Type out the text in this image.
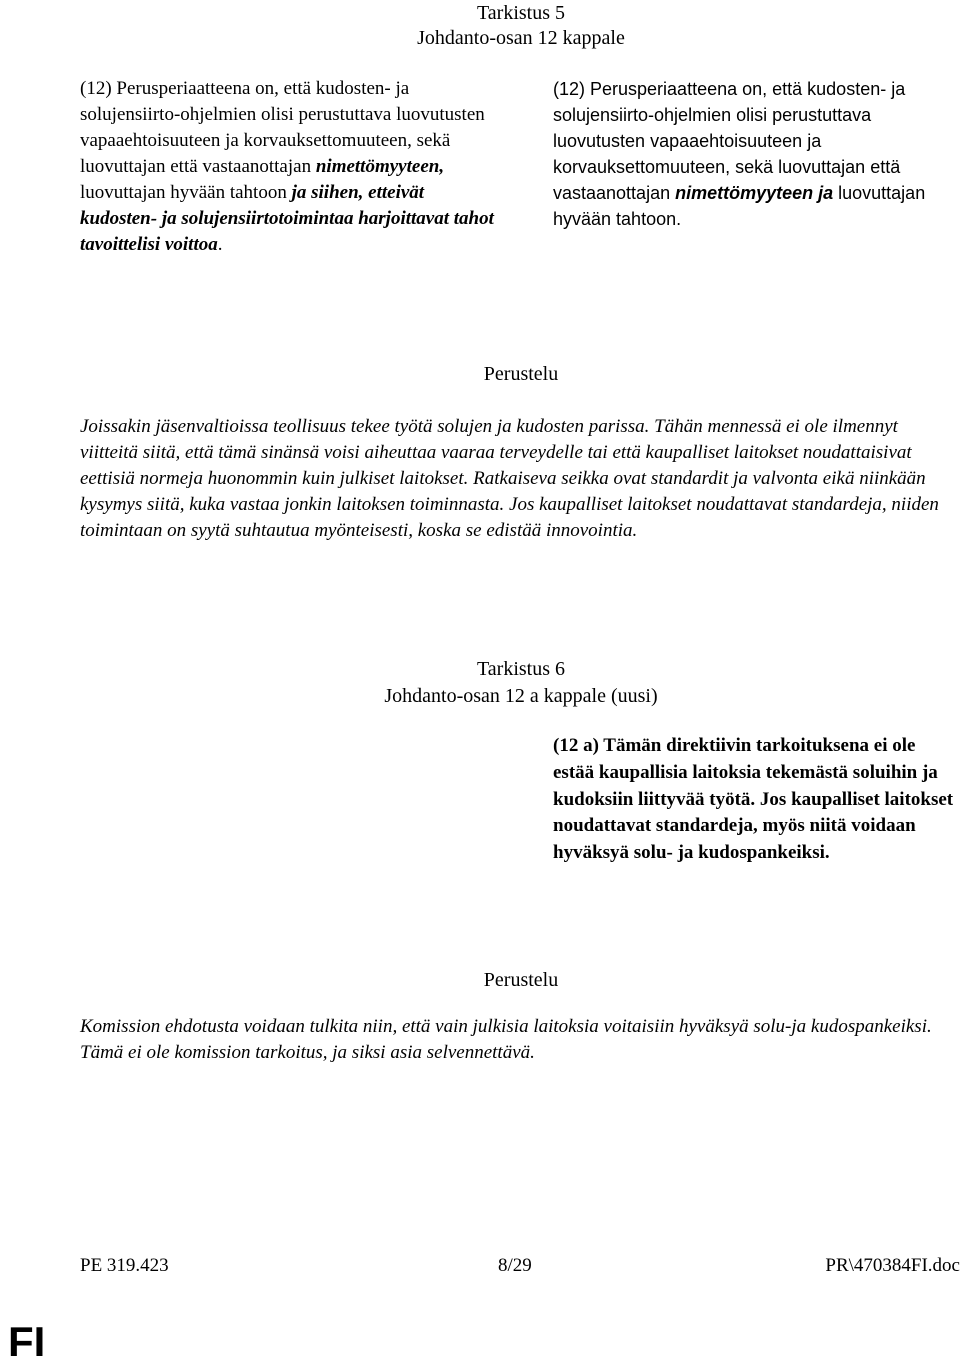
Tarkistus 5
Johdanto-osan 12 kappale
(12) Perusperiaatteena on, että kudosten- ja solujensiirto-ohjelmien olisi perustuttava luovutusten vapaaehtoisuuteen ja korvauksettomuuteen, sekä luovuttajan että vastaanottajan nimettömyyteen, luovuttajan hyvään tahtoon ja siihen, etteivät kudosten- ja solujensiirtotoimintaa harjoittavat tahot tavoittelisi voittoa.
(12) Perusperiaatteena on, että kudosten- ja solujensiirto-ohjelmien olisi perustuttava luovutusten vapaaehtoisuuteen ja korvauksettomuuteen, sekä luovuttajan että vastaanottajan nimettömyyteen ja luovuttajan hyvään tahtoon.
Perustelu
Joissakin jäsenvaltioissa teollisuus tekee työtä solujen ja kudosten parissa. Tähän mennessä ei ole ilmennyt viitteitä siitä, että tämä sinänsä voisi aiheuttaa vaaraa terveydelle tai että kaupalliset laitokset noudattaisivat eettisiä normeja huonommin kuin julkiset laitokset. Ratkaiseva seikka ovat standardit ja valvonta eikä niinkään kysymys siitä, kuka vastaa jonkin laitoksen toiminnasta. Jos kaupalliset laitokset noudattavat standardeja, niiden toimintaan on syytä suhtautua myönteisesti, koska se edistää innovointia.
Tarkistus 6
Johdanto-osan 12 a kappale (uusi)
(12 a) Tämän direktiivin tarkoituksena ei ole estää kaupallisia laitoksia tekemästä soluihin ja kudoksiin liittyvää työtä. Jos kaupalliset laitokset noudattavat standardeja, myös niitä voidaan hyväksyä solu- ja kudospankeiksi.
Perustelu
Komission ehdotusta voidaan tulkita niin, että vain julkisia laitoksia voitaisiin hyväksyä solu-ja kudospankeiksi. Tämä ei ole komission tarkoitus, ja siksi asia selvennettävä.
PE 319.423	8/29	PR\470384FI.doc
FI
